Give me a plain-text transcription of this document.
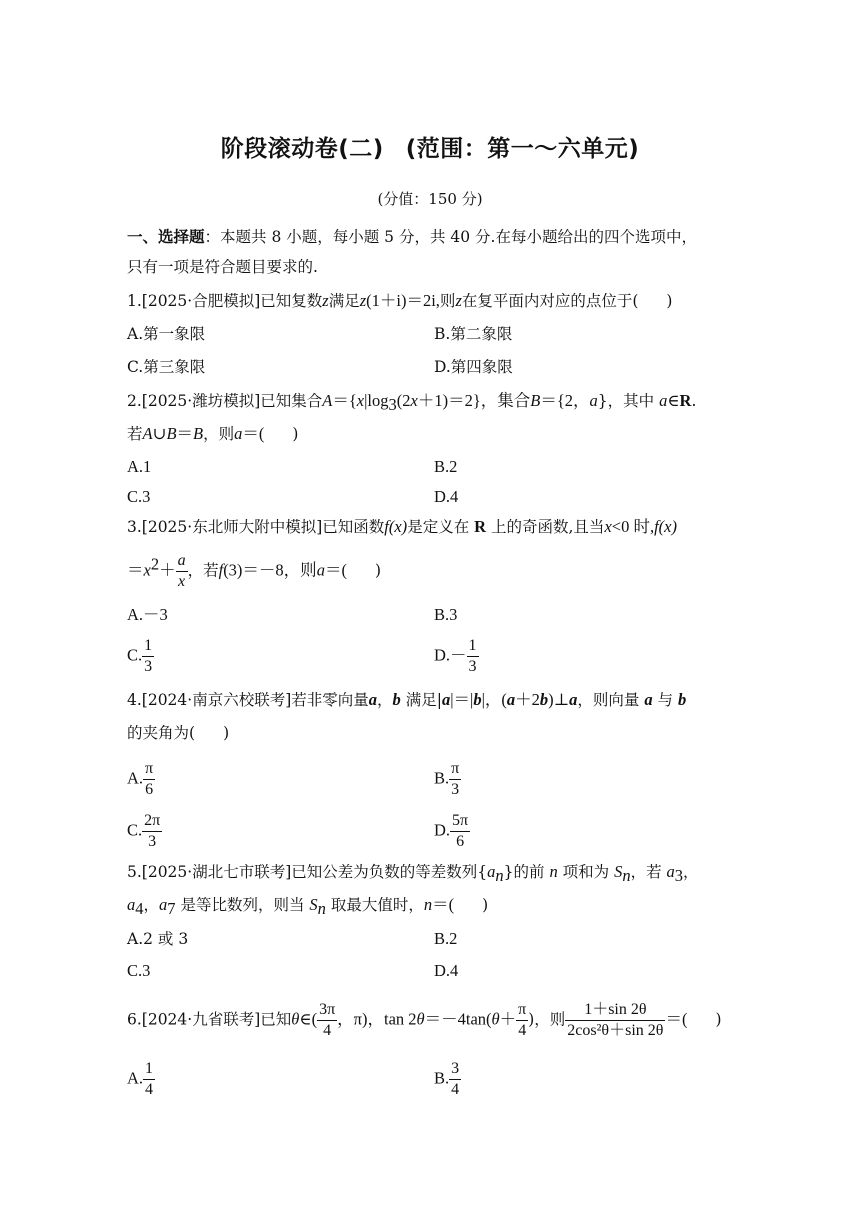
阶段滚动卷(二) (范围：第一～六单元)
(分值：150 分)
一、选择题：本题共 8 小题，每小题 5 分，共 40 分.在每小题给出的四个选项中，
只有一项是符合题目要求的.
1.[2025·合肥模拟]已知复数z满足z(1＋i)＝2i,则z在复平面内对应的点位于( )
A.第一象限	B.第二象限
C.第三象限	D.第四象限
2.[2025·潍坊模拟]已知集合$A=\{x|\log_3(2x+1)=2\}$，集合B＝{2，a}，其中 a∈R.
若A∪B＝B，则a＝( )
A.1	B.2
C.3	D.4
3.[2025·东北师大附中模拟]已知函数f(x)是定义在 R 上的奇函数,且当x<0 时,f(x)
$=x^2+ \frac{a}{x}$ ，若f(3)＝－8，则a＝( )
A.－3	B.3
C. $\frac{1}{3}$	$D.- \frac{1}{3}$
4.[2024·南京六校联考]若非零向量a，b 满足|a|＝|b|，(a＋2b)⊥a，则向量 a 与 b
的夹角为( )
A. $\frac{\pi}{6}$	B. $\frac{\pi}{3}$
C. $\frac{2\pi}{3}$	D. $\frac{5\pi}{6}$
5.[2025·湖北七市联考]已知公差为负数的等差数列$\{a_n\}$的前 n 项和为 $S_n$，若 $a_3$，
$a_4$，$a_7$ 是等比数列，则当 $S_n$ 取最大值时，n＝( )
A.2 或 3	B.2
C.3	D.4
6.[2024·九省联考]已知θ∈( $\frac{3\pi}{4}$ ，π)，$\tan 2\theta=-4\tan(\theta+ \frac{\pi}{4}$ )，则 $\frac{1+\sin 2\theta}{\text{2cos²θ＋sin 2θ}}$ ＝( )
A. $\frac{1}{4}$	B. $\frac{3}{4}$
